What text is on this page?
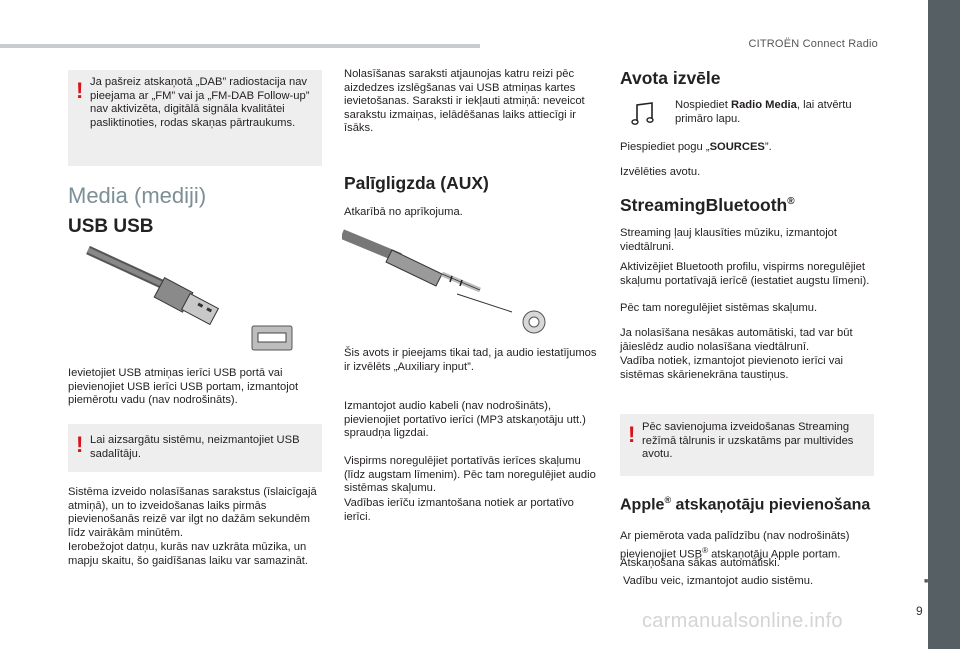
CITROËN Connect Radio
! Ja pašreiz atskaņotā „DAB” radiostacija nav pieejama ar „FM” vai ja „FM-DAB Follow-up” nav aktivizēta, digitālā signāla kvalitātei pasliktinoties, rodas skaņas pārtraukums.

Media (mediji)
USB USB

Ievietojiet USB atmiņas ierīci USB portā vai pievienojiet USB ierīci USB portam, izmantojot piemērotu vadu (nav nodrošināts).

! Lai aizsargātu sistēmu, neizmantojiet USB sadalītāju.

Sistēma izveido nolasīšanas sarakstus (īslaicīgajā atmiņā), un to izveidošanas laiks pirmās pievienošanās reizē var ilgt no dažām sekundēm līdz vairākām minūtēm.

Ierobežojot datņu, kurās nav uzkrāta mūzika, un mapju skaitu, šo gaidīšanas laiku var samazināt.

Nolasīšanas saraksti atjaunojas katru reizi pēc aizdedzes izslēgšanas vai USB atmiņas kartes ievietošanas. Saraksti ir iekļauti atmiņā: neveicot sarakstu izmaiņas, ielādēšanas laiks attiecīgi ir īsāks.

Palīgligzda (AUX)

Atkarībā no aprīkojuma.

Šis avots ir pieejams tikai tad, ja audio iestatījumos ir izvēlēts „Auxiliary input”.

Izmantojot audio kabeli (nav nodrošināts), pievienojiet portatīvo ierīci (MP3 atskaņotāju utt.) spraudņa ligzdai.

Vispirms noregulējiet portatīvās ierīces skaļumu (līdz augstam līmenim). Pēc tam noregulējiet audio sistēmas skaļumu.

Vadības ierīču izmantošana notiek ar portatīvo ierīci.

Avota izvēle

Nospiediet Radio Media, lai atvērtu primāro lapu.

Piespiediet pogu „SOURCES”.

Izvēlēties avotu.

StreamingBluetooth®

Streaming ļauj klausīties mūziku, izmantojot viedtālruni.

Aktivizējiet Bluetooth profilu, vispirms noregulējiet skaļumu portatīvajā ierīcē (iestatiet augstu līmeni).

Pēc tam noregulējiet sistēmas skaļumu.

Ja nolasīšana nesākas automātiski, tad var būt jāieslēdz audio nolasīšana viedtālrunī.

Vadība notiek, izmantojot pievienoto ierīci vai sistēmas skārienekrāna taustiņus.

! Pēc savienojuma izveidošanas Streaming režīmā tālrunis ir uzskatāms par multivides avotu.

Apple® atskaņotāju pievienošana

Ar piemērota vada palīdzību (nav nodrošināts) pievienojiet USB® atskaņotāju Apple portam.

Atskaņošana sākas automātiski.

Vadību veic, izmantojot audio sistēmu.	■
9
carmanualsonline.info
